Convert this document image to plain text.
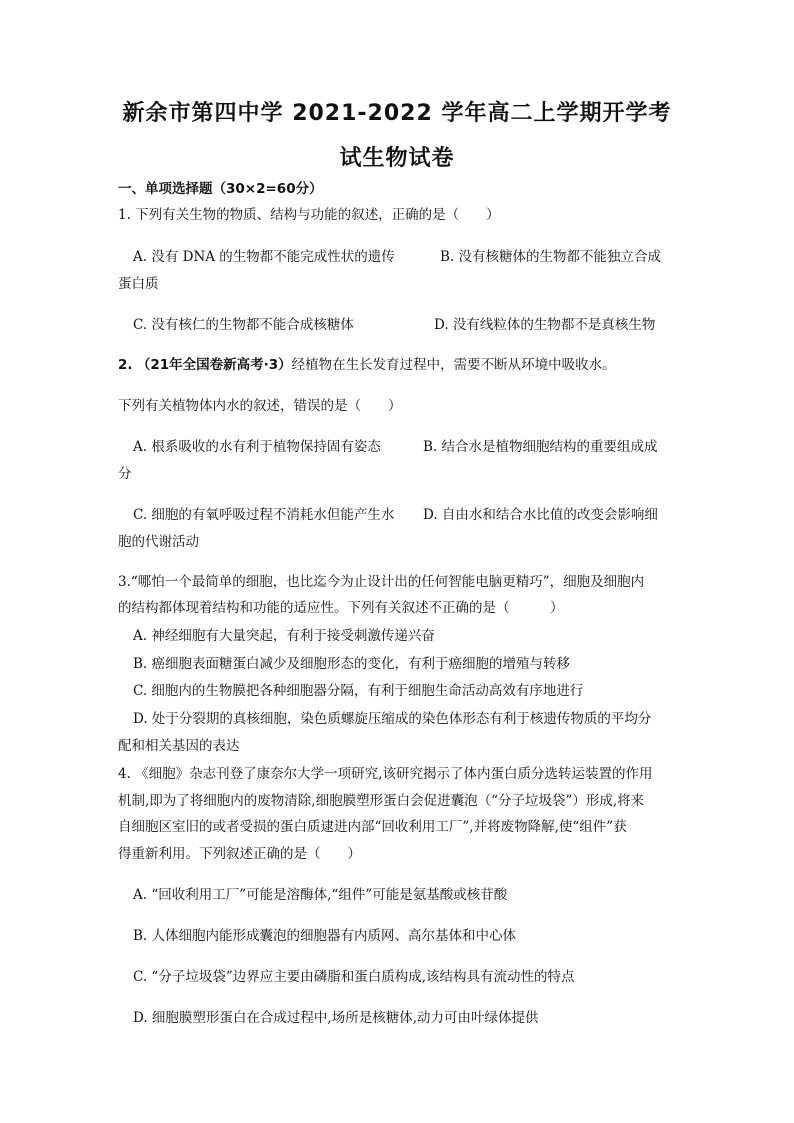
新余市第四中学 2021-2022 学年高二上学期开学考
试生物试卷
一、单项选择题（30×2=60分）
1. 下列有关生物的物质、结构与功能的叙述，正确的是（　　）
A. 没有 DNA 的生物都不能完成性状的遗传	B. 没有核糖体的生物都不能独立合成
蛋白质
C. 没有核仁的生物都不能合成核糖体	D. 没有线粒体的生物都不是真核生物
2. （21年全国卷新高考·3）经植物在生长发育过程中，需要不断从环境中吸收水。
下列有关植物体内水的叙述，错误的是（　　）
A. 根系吸收的水有利于植物保持固有姿态	B. 结合水是植物细胞结构的重要组成成
分
C. 细胞的有氧呼吸过程不消耗水但能产生水 D. 自由水和结合水比值的改变会影响细
胞的代谢活动
3.“哪怕一个最简单的细胞，也比迄今为止设计出的任何智能电脑更精巧”，细胞及细胞内
的结构都体现着结构和功能的适应性。下列有关叙述不正确的是（　　　）
A. 神经细胞有大量突起，有利于接受刺激传递兴奋
B. 癌细胞表面糖蛋白减少及细胞形态的变化，有利于癌细胞的增殖与转移
C. 细胞内的生物膜把各种细胞器分隔，有利于细胞生命活动高效有序地进行
D. 处于分裂期的真核细胞，染色质螺旋压缩成的染色体形态有利于核遗传物质的平均分
配和相关基因的表达
4. 《细胞》杂志刊登了康奈尔大学一项研究,该研究揭示了体内蛋白质分选转运装置的作用
机制,即为了将细胞内的废物清除,细胞膜塑形蛋白会促进囊泡（“分子垃圾袋”）形成,将来
自细胞区室旧的或者受损的蛋白质逮进内部“回收利用工厂”,并将废物降解,使“组件”获
得重新利用。下列叙述正确的是（　　）
A. “回收利用工厂”可能是溶酶体,“组件”可能是氨基酸或核苷酸
B. 人体细胞内能形成囊泡的细胞器有内质网、高尔基体和中心体
C. “分子垃圾袋”边界应主要由磷脂和蛋白质构成,该结构具有流动性的特点
D. 细胞膜塑形蛋白在合成过程中,场所是核糖体,动力可由叶绿体提供
